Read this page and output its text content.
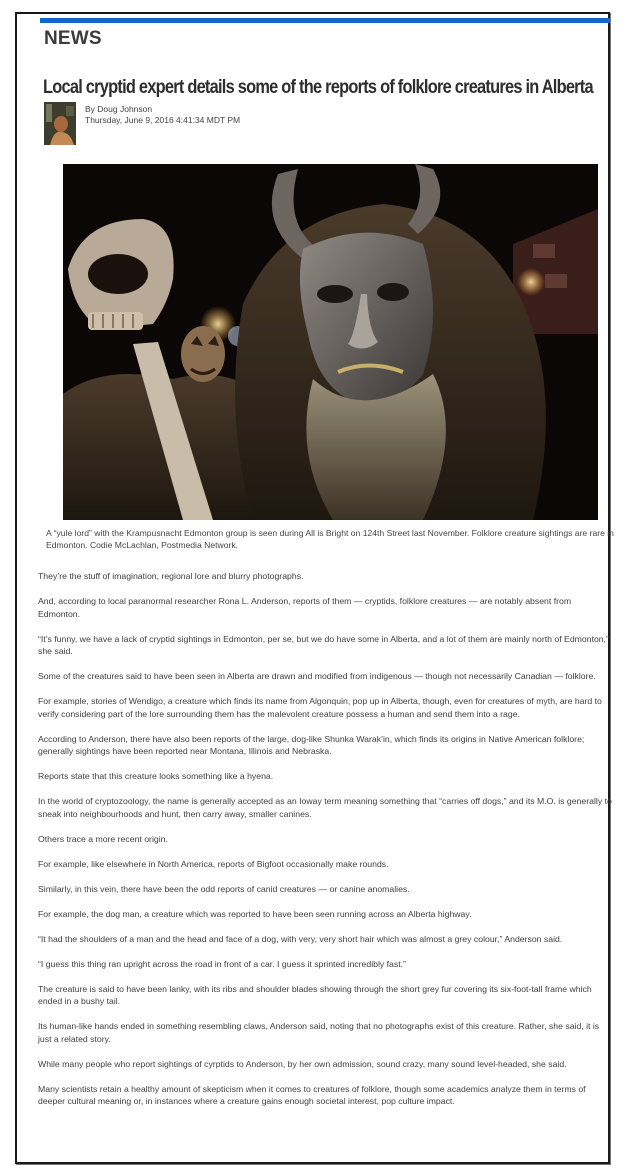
NEWS
Local cryptid expert details some of the reports of folklore creatures in Alberta
By Doug Johnson
Thursday, June 9, 2016 4:41:34 MDT PM
A “yule lord” with the Krampusnacht Edmonton group is seen during All is Bright on 124th Street last November. Folklore creature sightings are rare in Edmonton. Codie McLachlan, Postmedia Network.

They’re the stuff of imagination, regional lore and blurry photographs.

And, according to local paranormal researcher Rona L. Anderson, reports of them — cryptids, folklore creatures — are notably absent from Edmonton.

“It’s funny, we have a lack of cryptid sightings in Edmonton, per se, but we do have some in Alberta, and a lot of them are mainly north of Edmonton,” she said.

Some of the creatures said to have been seen in Alberta are drawn and modified from indigenous — though not necessarily Canadian — folklore.

For example, stories of Wendigo, a creature which finds its name from Algonquin, pop up in Alberta, though, even for creatures of myth, are hard to verify considering part of the lore surrounding them has the malevolent creature possess a human and send them into a rage.

According to Anderson, there have also been reports of the large, dog-like Shunka Warak’in, which finds its origins in Native American folklore; generally sightings have been reported near Montana, Illinois and Nebraska.

Reports state that this creature looks something like a hyena.

In the world of cryptozoology, the name is generally accepted as an Ioway term meaning something that “carries off dogs,” and its M.O. is generally to sneak into neighbourhoods and hunt, then carry away, smaller canines.

Others trace a more recent origin.

For example, like elsewhere in North America, reports of Bigfoot occasionally make rounds.

Similarly, in this vein, there have been the odd reports of canid creatures — or canine anomalies.

For example, the dog man, a creature which was reported to have been seen running across an Alberta highway.

“It had the shoulders of a man and the head and face of a dog, with very, very short hair which was almost a grey colour,” Anderson said.

“I guess this thing ran upright across the road in front of a car. I guess it sprinted incredibly fast.”

The creature is said to have been lanky, with its ribs and shoulder blades showing through the short grey fur covering its six-foot-tall frame which ended in a bushy tail.

Its human-like hands ended in something resembling claws, Anderson said, noting that no photographs exist of this creature. Rather, she said, it is just a related story.

While many people who report sightings of cyrptids to Anderson, by her own admission, sound crazy, many sound level-headed, she said.

Many scientists retain a healthy amount of skepticism when it comes to creatures of folklore, though some academics analyze them in terms of deeper cultural meaning or, in instances where a creature gains enough societal interest, pop culture impact.
